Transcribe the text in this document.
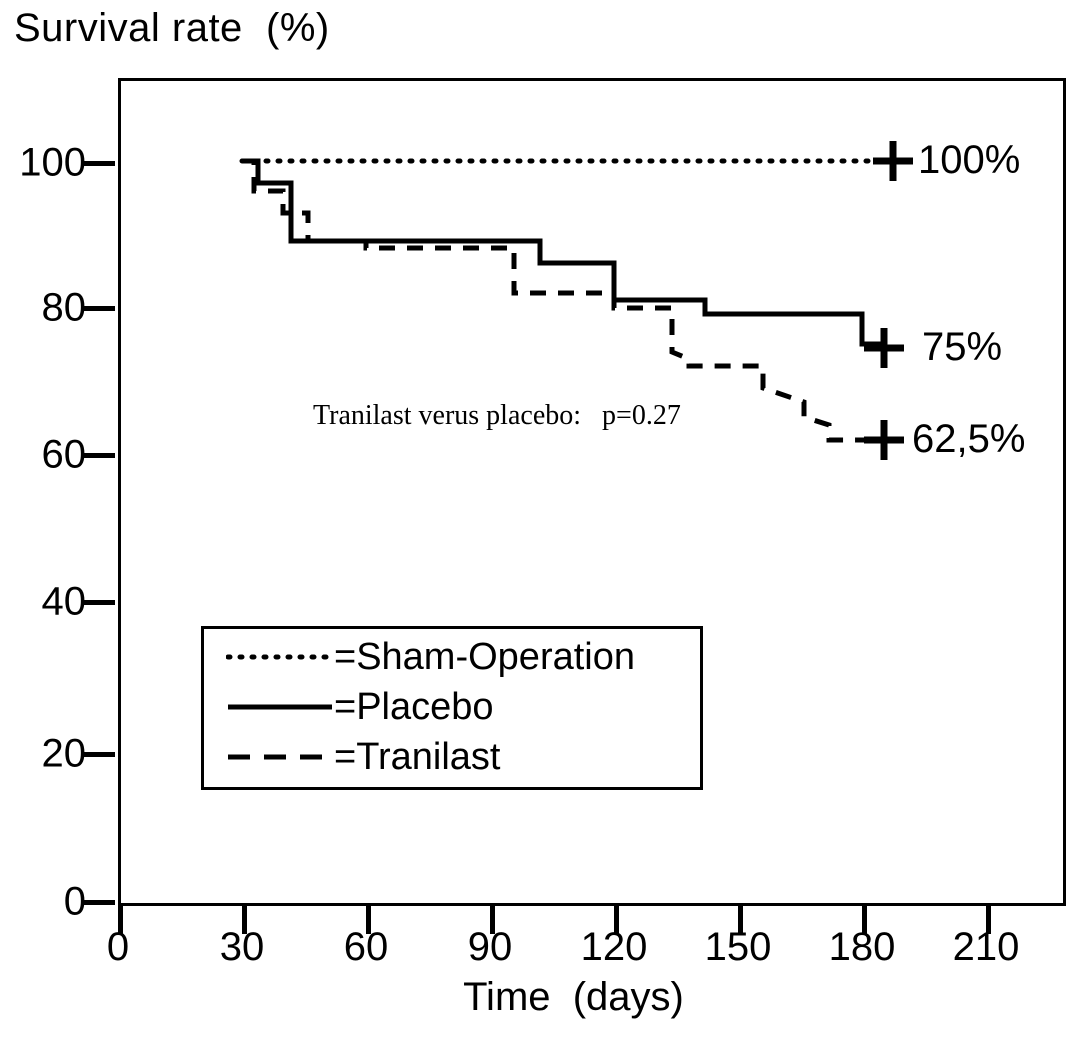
Survival rate  (%)
100
80
60
40
20
0
0 30 60 90 120 150 180 210
100%
75%
62,5%
Tranilast verus placebo:   p=0.27
=Sham-Operation
=Placebo
=Tranilast
Time  (days)
